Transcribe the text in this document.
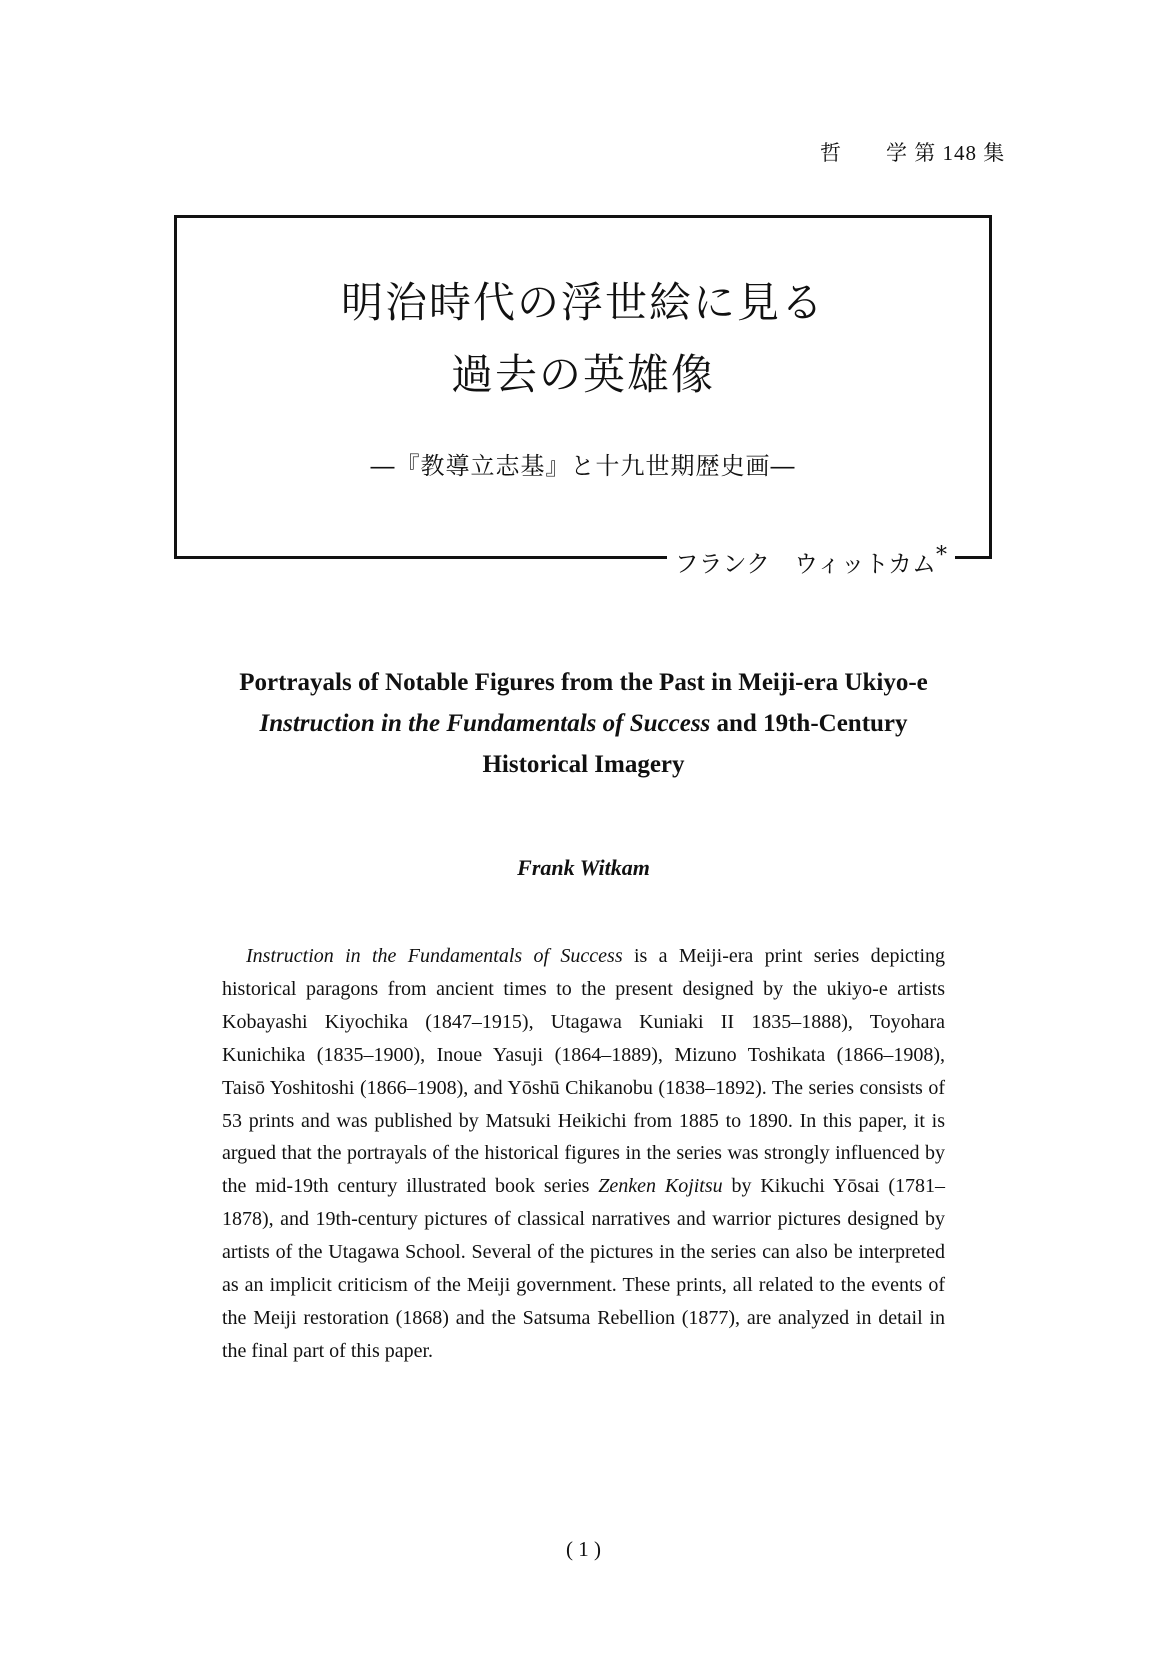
哲　　学 第 148 集
明治時代の浮世絵に見る
過去の英雄像
―『教導立志基』と十九世期歴史画―
フランク　ウィットカム*
Portrayals of Notable Figures from the Past in Meiji-era Ukiyo-e
Instruction in the Fundamentals of Success and 19th-Century
Historical Imagery
Frank Witkam

Instruction in the Fundamentals of Success is a Meiji-era print series depicting historical paragons from ancient times to the present designed by the ukiyo-e artists Kobayashi Kiyochika (1847–1915), Utagawa Kuniaki II 1835–1888), Toyohara Kunichika (1835–1900), Inoue Yasuji (1864–1889), Mizuno Toshikata (1866–1908), Taisō Yoshitoshi (1866–1908), and Yōshū Chikanobu (1838–1892). The series consists of 53 prints and was published by Matsuki Heikichi from 1885 to 1890. In this paper, it is argued that the portrayals of the historical figures in the series was strongly influenced by the mid-19th century illustrated book series Zenken Kojitsu by Kikuchi Yōsai (1781–1878), and 19th-century pictures of classical narratives and warrior pictures designed by artists of the Utagawa School. Several of the pictures in the series can also be interpreted as an implicit criticism of the Meiji government. These prints, all related to the events of the Meiji restoration (1868) and the Satsuma Rebellion (1877), are analyzed in detail in the final part of this paper.

( 1 )
